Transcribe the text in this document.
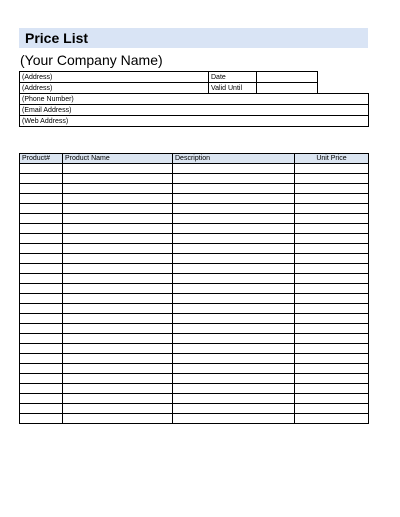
Price List
(Your Company Name)
(Address)	Date		
(Address)	Valid Until		
(Phone Number)			
(Email Address)			
(Web Address)			
Product#	Product Name	Description	Unit Price
